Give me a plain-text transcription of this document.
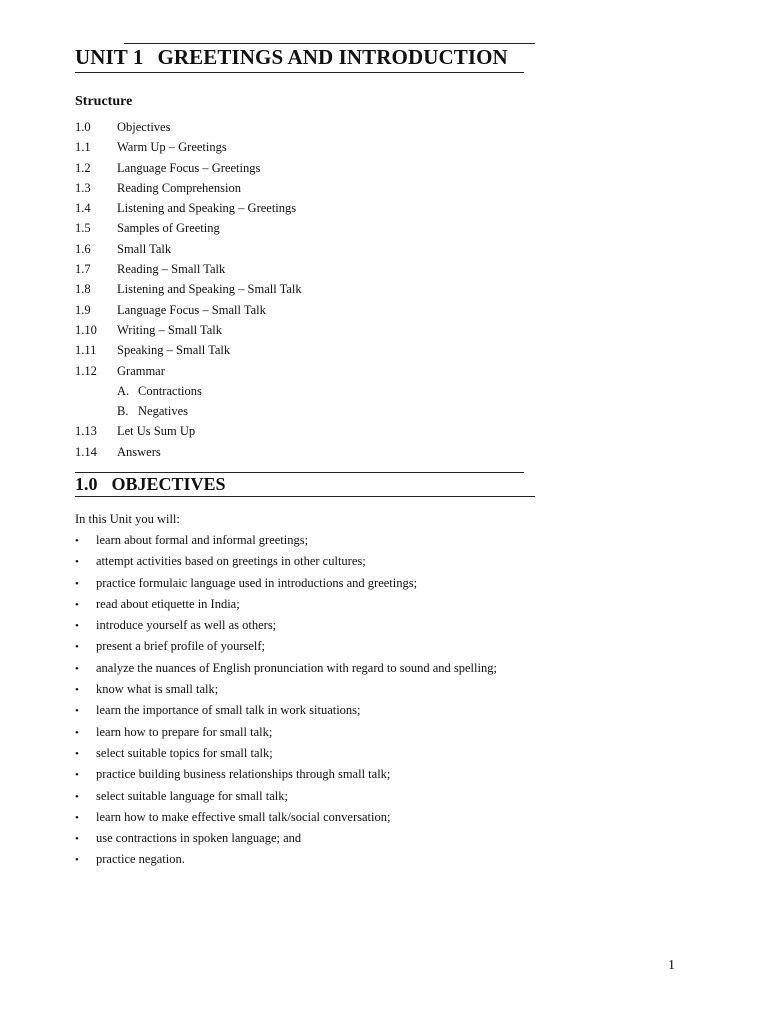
UNIT 1 GREETINGS AND INTRODUCTION
Structure
1.0 Objectives
1.1 Warm Up – Greetings
1.2 Language Focus – Greetings
1.3 Reading Comprehension
1.4 Listening and Speaking – Greetings
1.5 Samples of Greeting
1.6 Small Talk
1.7 Reading – Small Talk
1.8 Listening and Speaking – Small Talk
1.9 Language Focus – Small Talk
1.10 Writing – Small Talk
1.11 Speaking – Small Talk
1.12 Grammar
A. Contractions
B. Negatives
1.13 Let Us Sum Up
1.14 Answers
1.0 OBJECTIVES
In this Unit you will:
• learn about formal and informal greetings;
• attempt activities based on greetings in other cultures;
• practice formulaic language used in introductions and greetings;
• read about etiquette in India;
• introduce yourself as well as others;
• present a brief profile of yourself;
• analyze the nuances of English pronunciation with regard to sound and spelling;
• know what is small talk;
• learn the importance of small talk in work situations;
• learn how to prepare for small talk;
• select suitable topics for small talk;
• practice building business relationships through small talk;
• select suitable language for small talk;
• learn how to make effective small talk/social conversation;
• use contractions in spoken language; and
• practice negation.
1
